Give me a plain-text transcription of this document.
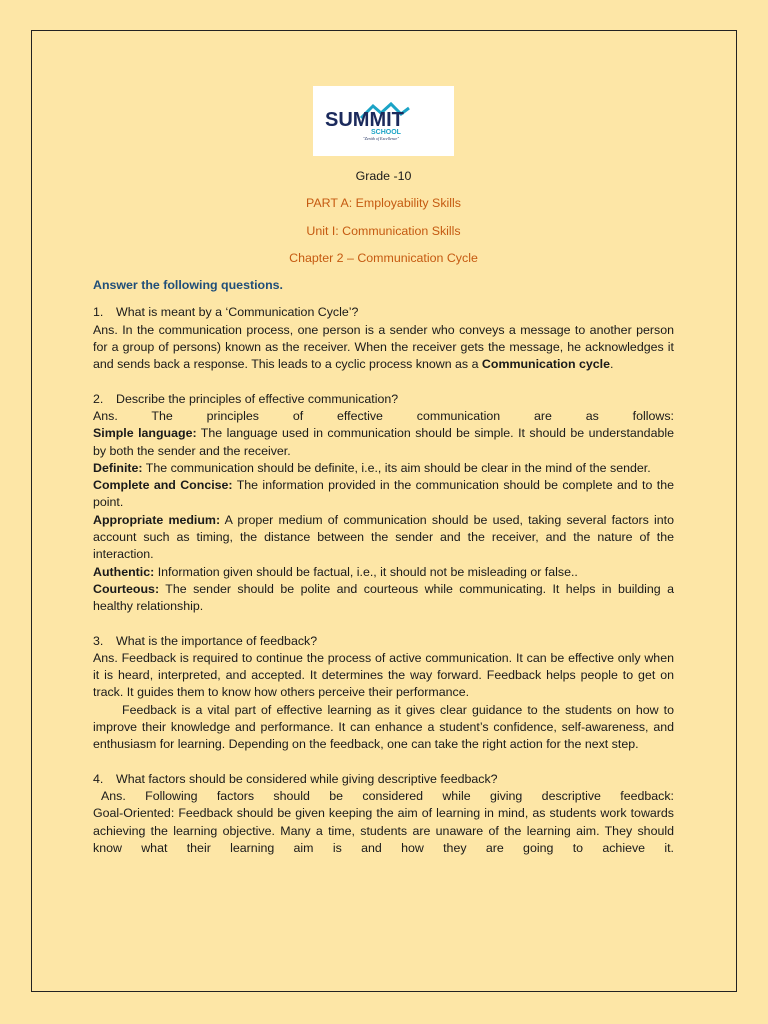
SUMMIT
SCHOOL
"Zenith of Excellence"
Grade -10
PART A: Employability Skills
Unit I: Communication Skills
Chapter 2 – Communication Cycle
Answer the following questions.
1. What is meant by a ‘Communication Cycle’?
Ans. In the communication process, one person is a sender who conveys a message to another person for a group of persons) known as the receiver. When the receiver gets the message, he acknowledges it and sends back a response. This leads to a cyclic process known as a Communication cycle.
2. Describe the principles of effective communication?
Ans. The principles of effective communication are as follows:
Simple language: The language used in communication should be simple. It should be understandable by both the sender and the receiver.
Definite: The communication should be definite, i.e., its aim should be clear in the mind of the sender.
Complete and Concise: The information provided in the communication should be complete and to the point.
Appropriate medium: A proper medium of communication should be used, taking several factors into account such as timing, the distance between the sender and the receiver, and the nature of the interaction.
Authentic: Information given should be factual, i.e., it should not be misleading or false..
Courteous: The sender should be polite and courteous while communicating. It helps in building a healthy relationship.
3. What is the importance of feedback?
Ans. Feedback is required to continue the process of active communication. It can be effective only when it is heard, interpreted, and accepted. It determines the way forward. Feedback helps people to get on track. It guides them to know how others perceive their performance.
Feedback is a vital part of effective learning as it gives clear guidance to the students on how to improve their knowledge and performance. It can enhance a student’s confidence, self-awareness, and enthusiasm for learning. Depending on the feedback, one can take the right action for the next step.
4. What factors should be considered while giving descriptive feedback?
Ans. Following factors should be considered while giving descriptive feedback:
Goal-Oriented: Feedback should be given keeping the aim of learning in mind, as students work towards achieving the learning objective. Many a time, students are unaware of the learning aim. They should know what their learning aim is and how they are going to achieve it.
